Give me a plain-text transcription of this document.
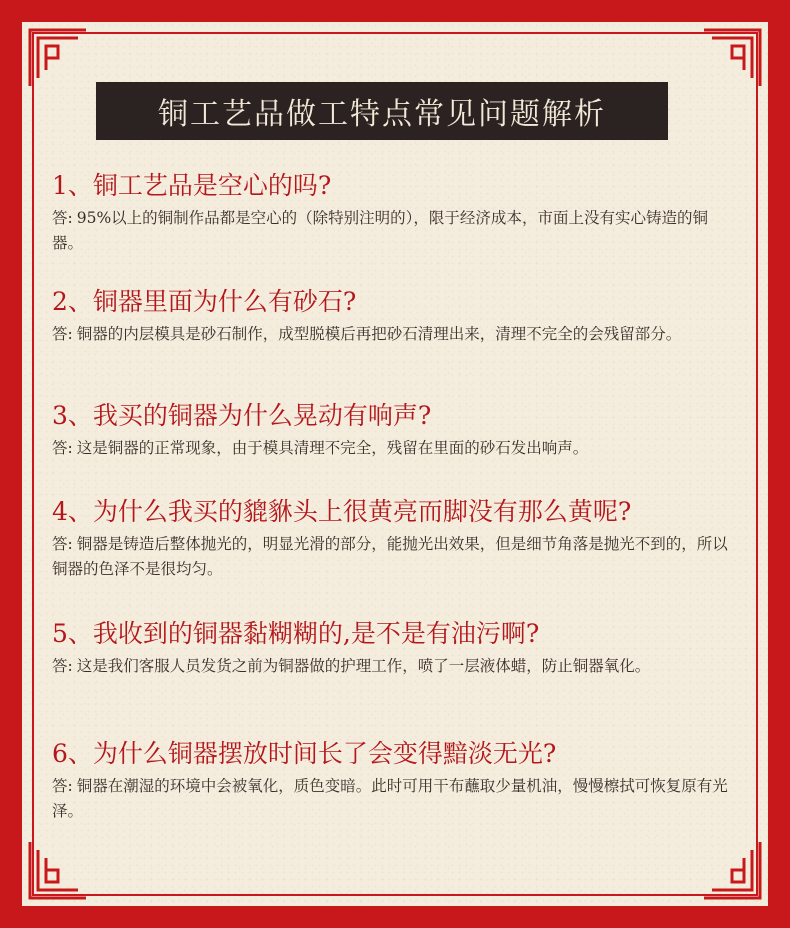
铜工艺品做工特点常见问题解析

1、铜工艺品是空心的吗?

答: 95%以上的铜制作品都是空心的（除特别注明的），限于经济成本，市面上没有实心铸造的铜器。

2、铜器里面为什么有砂石?

答: 铜器的内层模具是砂石制作，成型脱模后再把砂石清理出来，清理不完全的会残留部分。

3、我买的铜器为什么晃动有响声?

答: 这是铜器的正常现象，由于模具清理不完全，残留在里面的砂石发出响声。

4、为什么我买的貔貅头上很黄亮而脚没有那么黄呢?

答: 铜器是铸造后整体抛光的，明显光滑的部分，能抛光出效果，但是细节角落是抛光不到的，所以铜器的色泽不是很均匀。

5、我收到的铜器黏糊糊的,是不是有油污啊?

答: 这是我们客服人员发货之前为铜器做的护理工作，喷了一层液体蜡，防止铜器氧化。

6、为什么铜器摆放时间长了会变得黯淡无光?

答: 铜器在潮湿的环境中会被氧化，质色变暗。此时可用干布蘸取少量机油，慢慢檫拭可恢复原有光泽。
